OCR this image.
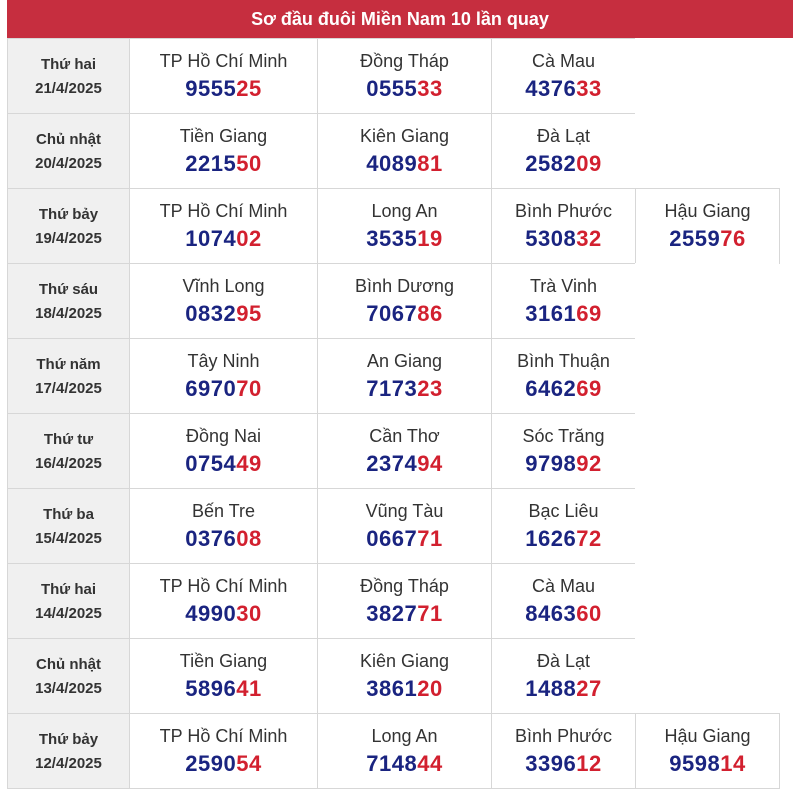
Sơ đầu đuôi Miền Nam 10 lần quay
Thứ hai
21/4/2025
TP Hồ Chí Minh
955525
Đồng Tháp
055533
Cà Mau
437633
Chủ nhật
20/4/2025
Tiền Giang
221550
Kiên Giang
408981
Đà Lạt
258209
Thứ bảy
19/4/2025
TP Hồ Chí Minh
107402
Long An
353519
Bình Phước
530832
Hậu Giang
255976
Thứ sáu
18/4/2025
Vĩnh Long
083295
Bình Dương
706786
Trà Vinh
316169
Thứ năm
17/4/2025
Tây Ninh
697070
An Giang
717323
Bình Thuận
646269
Thứ tư
16/4/2025
Đồng Nai
075449
Cần Thơ
237494
Sóc Trăng
979892
Thứ ba
15/4/2025
Bến Tre
037608
Vũng Tàu
066771
Bạc Liêu
162672
Thứ hai
14/4/2025
TP Hồ Chí Minh
499030
Đồng Tháp
382771
Cà Mau
846360
Chủ nhật
13/4/2025
Tiền Giang
589641
Kiên Giang
386120
Đà Lạt
148827
Thứ bảy
12/4/2025
TP Hồ Chí Minh
259054
Long An
714844
Bình Phước
339612
Hậu Giang
959814
